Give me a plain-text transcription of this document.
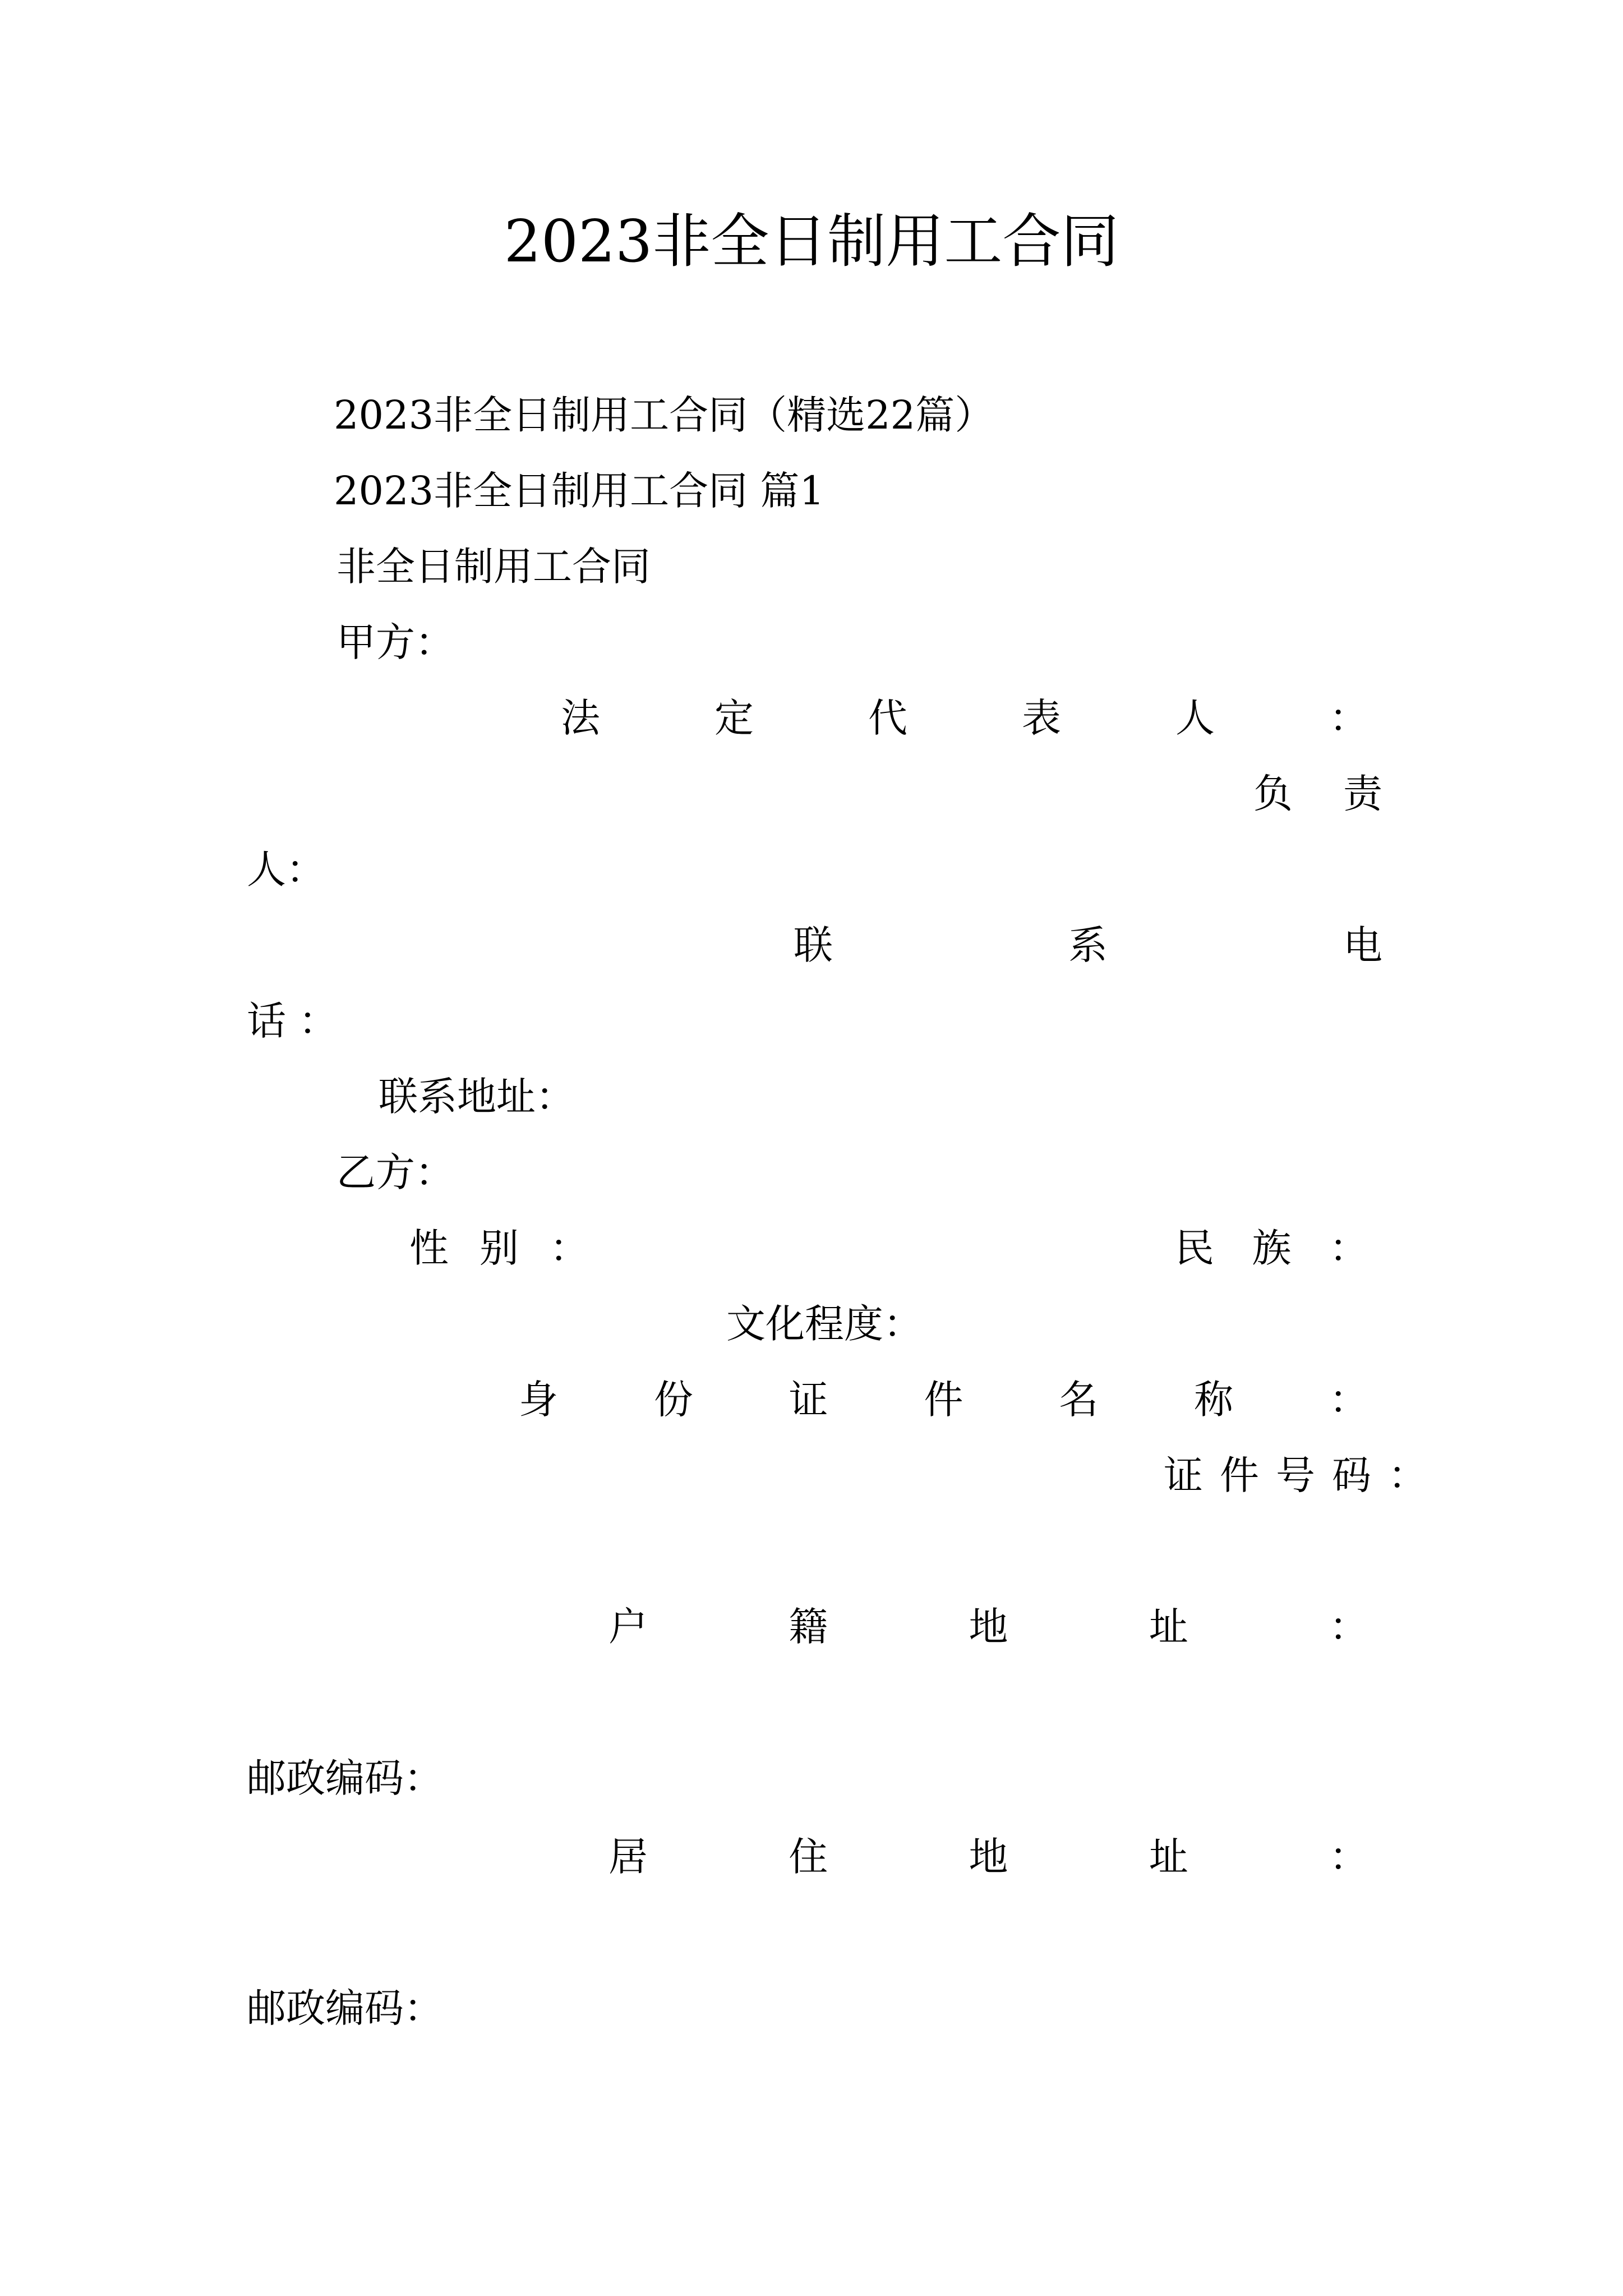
2023非全日制用工合同
2023非全日制用工合同（精选22篇）
2023非全日制用工合同 篇1
非全日制用工合同
甲方：
法	定	代	表	人	：
负 责
人：
联	系	电
话 ：
联系地址：
乙方：
性 别 ：	民 族 ：
文化程度：
身 份 证 件 名 称 ：
证件号码：
户	籍	地	址	：
邮政编码：
居	住	地	址	：
邮政编码：
